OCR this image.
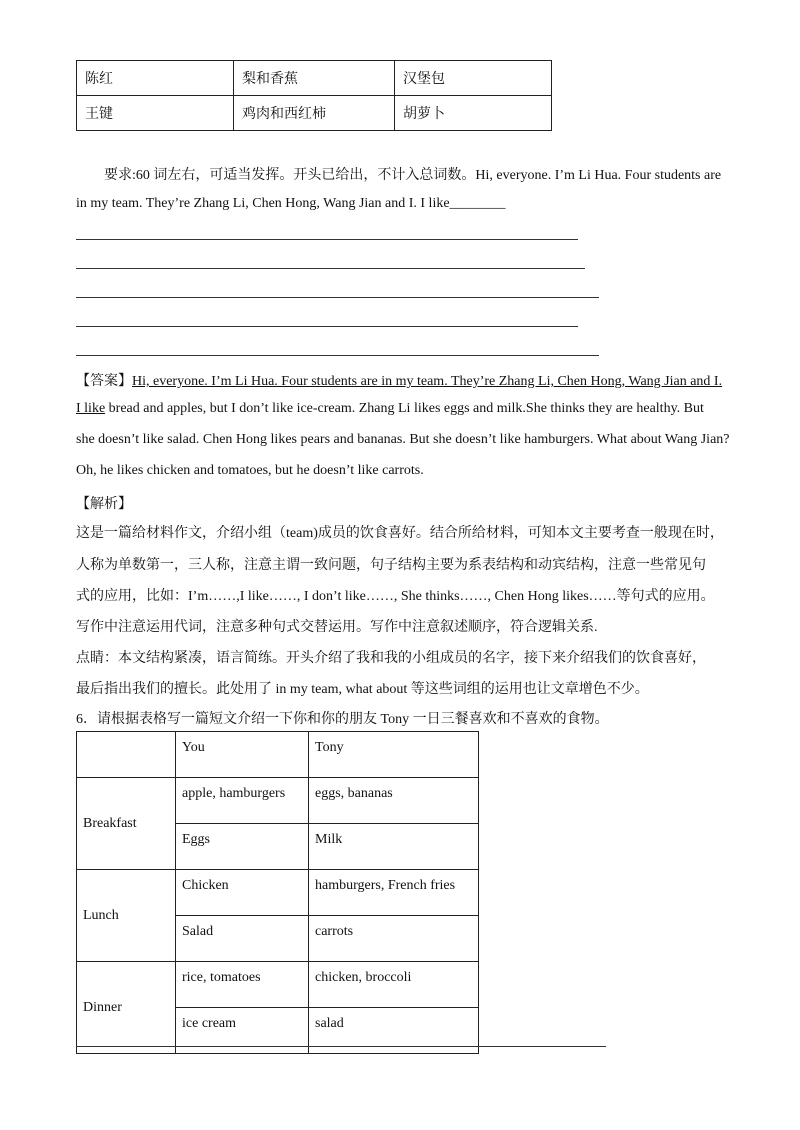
陈红	梨和香蕉	汉堡包
王键	鸡肉和西红柿	胡萝卜
要求:60 词左右，可适当发挥。开头已给出，不计入总词数。Hi, everyone. I’m Li Hua. Four students are
in my team. They’re Zhang Li, Chen Hong, Wang Jian and I. I like________
【答案】Hi, everyone. I’m Li Hua. Four students are in my team. They’re Zhang Li, Chen Hong, Wang Jian and I.
I like bread and apples, but I don’t like ice-cream. Zhang Li likes eggs and milk.She thinks they are healthy. But
she doesn’t like salad. Chen Hong likes pears and bananas. But she doesn’t like hamburgers. What about Wang Jian?
Oh, he likes chicken and tomatoes, but he doesn’t like carrots.
【解析】
这是一篇给材料作文，介绍小组（team)成员的饮食喜好。结合所给材料，可知本文主要考查一般现在时，
人称为单数第一，三人称，注意主谓一致问题，句子结构主要为系表结构和动宾结构，注意一些常见句
式的应用，比如：I’m……,I like……, I don’t like……, She thinks……, Chen Hong likes……等句式的应用。
写作中注意运用代词，注意多种句式交替运用。写作中注意叙述顺序，符合逻辑关系.
点睛：本文结构紧凑，语言简练。开头介绍了我和我的小组成员的名字，接下来介绍我们的饮食喜好，
最后指出我们的擅长。此处用了 in my team, what about 等这些词组的运用也让文章增色不少。
6．请根据表格写一篇短文介绍一下你和你的朋友 Tony 一日三餐喜欢和不喜欢的食物。
	You	Tony
Breakfast	apple, hamburgers	eggs, bananas
	Eggs	Milk
Lunch	Chicken	hamburgers, French fries
	Salad	carrots
Dinner	rice, tomatoes	chicken, broccoli
	ice cream	salad
